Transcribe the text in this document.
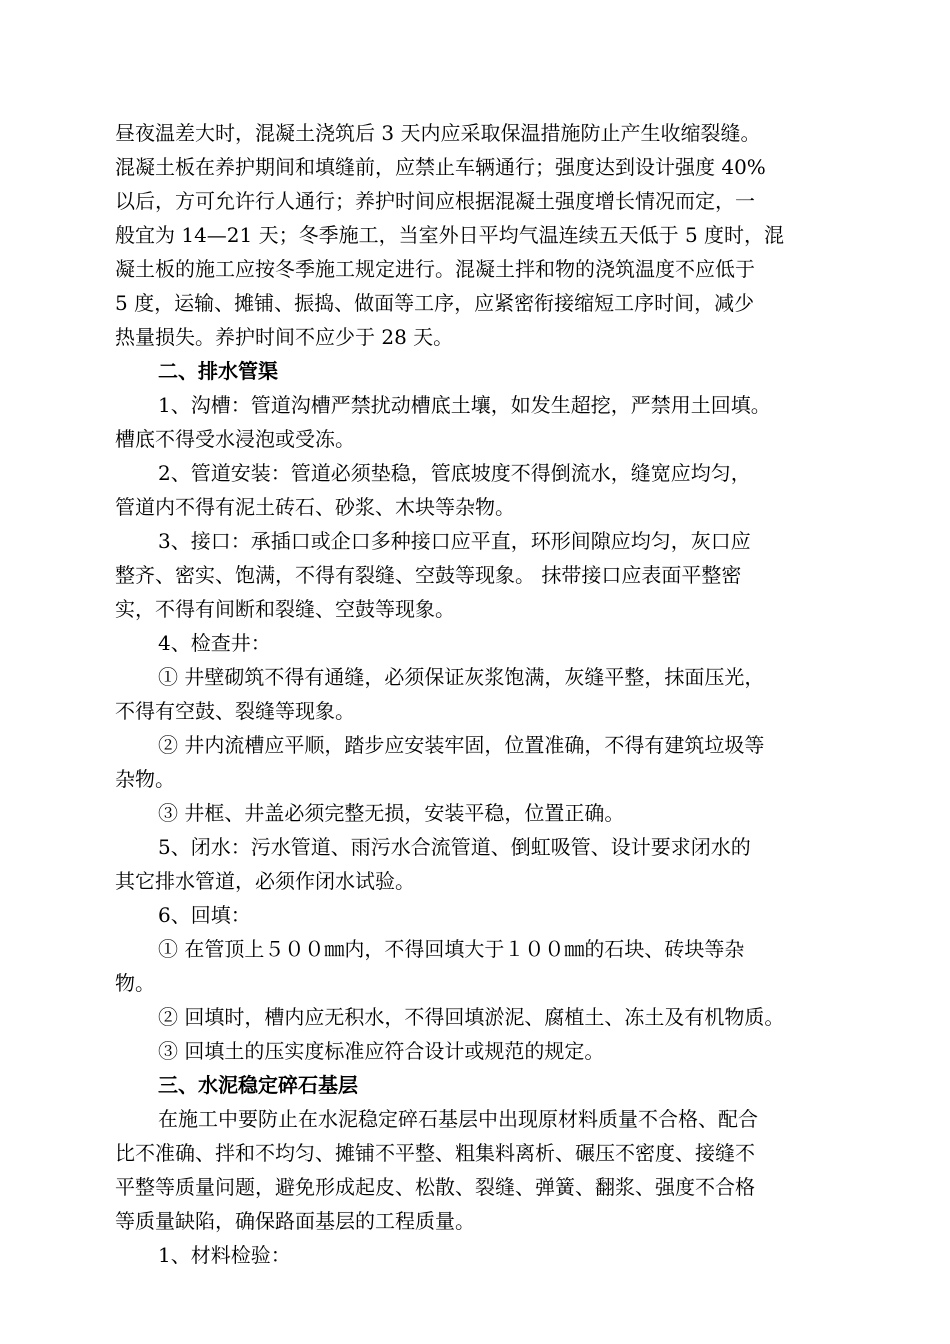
昼夜温差大时，混凝土浇筑后 3 天内应采取保温措施防止产生收缩裂缝。
混凝土板在养护期间和填缝前，应禁止车辆通行；强度达到设计强度 40%
以后，方可允许行人通行；养护时间应根据混凝土强度增长情况而定，一
般宜为 14—21 天；冬季施工，当室外日平均气温连续五天低于 5 度时，混
凝土板的施工应按冬季施工规定进行。混凝土拌和物的浇筑温度不应低于
5 度，运输、摊铺、振捣、做面等工序，应紧密衔接缩短工序时间，减少
热量损失。养护时间不应少于 28 天。
二、排水管渠
1、沟槽：管道沟槽严禁扰动槽底土壤，如发生超挖，严禁用土回填。
槽底不得受水浸泡或受冻。
2、管道安装：管道必须垫稳，管底坡度不得倒流水，缝宽应均匀，
管道内不得有泥土砖石、砂浆、木块等杂物。
3、接口：承插口或企口多种接口应平直，环形间隙应均匀，灰口应
整齐、密实、饱满，不得有裂缝、空鼓等现象。 抹带接口应表面平整密
实，不得有间断和裂缝、空鼓等现象。
4、检查井：
① 井壁砌筑不得有通缝，必须保证灰浆饱满，灰缝平整，抹面压光，
不得有空鼓、裂缝等现象。
② 井内流槽应平顺，踏步应安装牢固，位置准确，不得有建筑垃圾等
杂物。
③ 井框、井盖必须完整无损，安装平稳，位置正确。
5、闭水：污水管道、雨污水合流管道、倒虹吸管、设计要求闭水的
其它排水管道，必须作闭水试验。
6、回填：
① 在管顶上５００㎜内，不得回填大于１００㎜的石块、砖块等杂
物。
② 回填时，槽内应无积水，不得回填淤泥、腐植土、冻土及有机物质。
③ 回填土的压实度标准应符合设计或规范的规定。
三、水泥稳定碎石基层
在施工中要防止在水泥稳定碎石基层中出现原材料质量不合格、配合
比不准确、拌和不均匀、摊铺不平整、粗集料离析、碾压不密度、接缝不
平整等质量问题，避免形成起皮、松散、裂缝、弹簧、翻浆、强度不合格
等质量缺陷，确保路面基层的工程质量。
1、材料检验：
